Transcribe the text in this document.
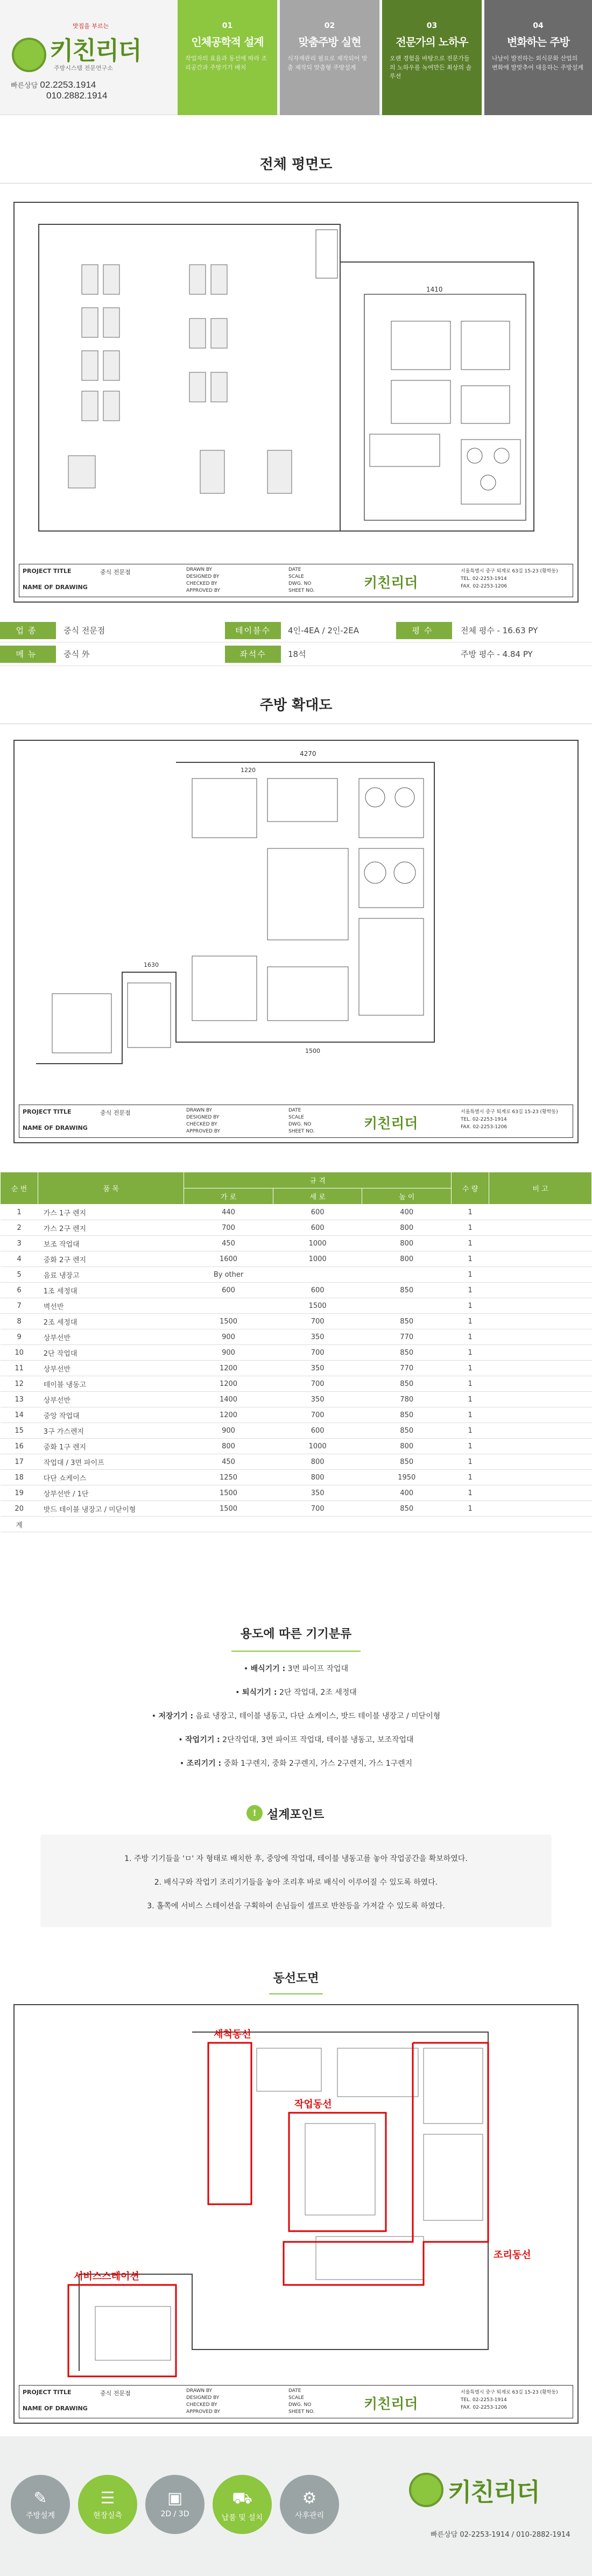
맛집을 부르는
키친리더
주방시스템 전문연구소
빠른상담 02.2253.1914
010.2882.1914
01
인체공학적 설계
작업자의 효율과 동선에 따라 조리공간과 주방기기 배치
02
맞춤주방 실현
식자재관리 필요로 제작되어 맞춤 제작되 맞춤형 주방설계
03
전문가의 노하우
오랜 경험을 바탕으로 전문가들의 노하우를 녹여만든 최상의 솔루션
04
변화하는 주방
나날이 발전하는 외식문화 산업의 변화에 발맞추어 대응하는 주방설계
전체 평면도
1410
PROJECT TITLE
NAME OF DRAWING
중식 전문점	DRAWN BY
DESIGNED BY
CHECKED BY
APPROVED BY
DATE
SCALE
DWG. NO
SHEET NO.	키친리더
서울특별시 중구 퇴계로 63길 15-23 (황학동)
TEL. 02-2253-1914
FAX. 02-2253-1206
업종	중식 전문점	테이블수	4인-4EA / 2인-2EA	평수	전체 평수 - 16.63 PY
메뉴	중식 外	좌석수	18석	주방 평수 - 4.84 PY
주방 확대도
4270
1220
1630
1500
PROJECT TITLE
NAME OF DRAWING
중식 전문점	DRAWN BY
DESIGNED BY
CHECKED BY
APPROVED BY
DATE
SCALE
DWG. NO
SHEET NO.	키친리더
서울특별시 중구 퇴계로 63길 15-23 (황학동)
TEL. 02-2253-1914
FAX. 02-2253-1206
순 번	품 목	규 격			수 량	비 고
		가 로	세 로	높 이		
1	가스 1구 렌지	440	600	400	1	
2	가스 2구 렌지	700	600	800	1	
3	보조 작업대	450	1000	800	1	
4	중화 2구 렌지	1600	1000	800	1	
5	음료 냉장고	By other			1	
6	1조 세정대	600	600	850	1	
7	벽선반		1500		1	
8	2조 세정대	1500	700	850	1	
9	상부선반	900	350	770	1	
10	2단 작업대	900	700	850	1	
11	상부선반	1200	350	770	1	
12	테이블 냉동고	1200	700	850	1	
13	상부선반	1400	350	780	1	
14	중앙 작업대	1200	700	850	1	
15	3구 가스렌지	900	600	850	1	
16	중화 1구 렌지	800	1000	800	1	
17	작업대 / 3면 파이프	450	800	850	1	
18	다단 쇼케이스	1250	800	1950	1	
19	상부선반 / 1단	1500	350	400	1	
20	밧드 테이블 냉장고 / 미닫이형	1500	700	850	1	
계						
용도에 따른 기기분류
• 배식기기 : 3면 파이프 작업대
• 퇴식기기 : 2단 작업대, 2조 세정대
• 저장기기 : 음료 냉장고, 테이블 냉동고, 다단 쇼케이스, 밧드 테이블 냉장고 / 미닫이형
• 작업기기 : 2단작업대, 3면 파이프 작업대, 테이블 냉동고, 보조작업대
• 조리기기 : 중화 1구렌지, 중화 2구렌지, 가스 2구렌지, 가스 1구렌지
! 설계포인트
1. 주방 기기들을 'ㅁ' 자 형태로 배치한 후, 중앙에 작업대, 테이블 냉동고를 놓아 작업공간을 확보하였다.
2. 배식구와 작업기 조리기기들을 놓아 조리후 바로 배식이 이루어질 수 있도록 하였다.
3. 홀쪽에 서비스 스테이션을 구획하여 손님들이 셀프로 반찬등을 가져갈 수 있도록 하였다.
동선도면
세척동선
작업동선
조리동선
서비스스테이션
PROJECT TITLE
NAME OF DRAWING
중식 전문점	DRAWN BY
DESIGNED BY
CHECKED BY
APPROVED BY
DATE
SCALE
DWG. NO
SHEET NO.	키친리더
서울특별시 중구 퇴계로 63길 15-23 (황학동)
TEL. 02-2253-1914
FAX. 02-2253-1206
✎
주방설계
☰
현장실측
▣
2D / 3D
⛟
납품 및 설치
⚙
사후관리
키친리더
빠른상담 02-2253-1914 / 010-2882-1914
